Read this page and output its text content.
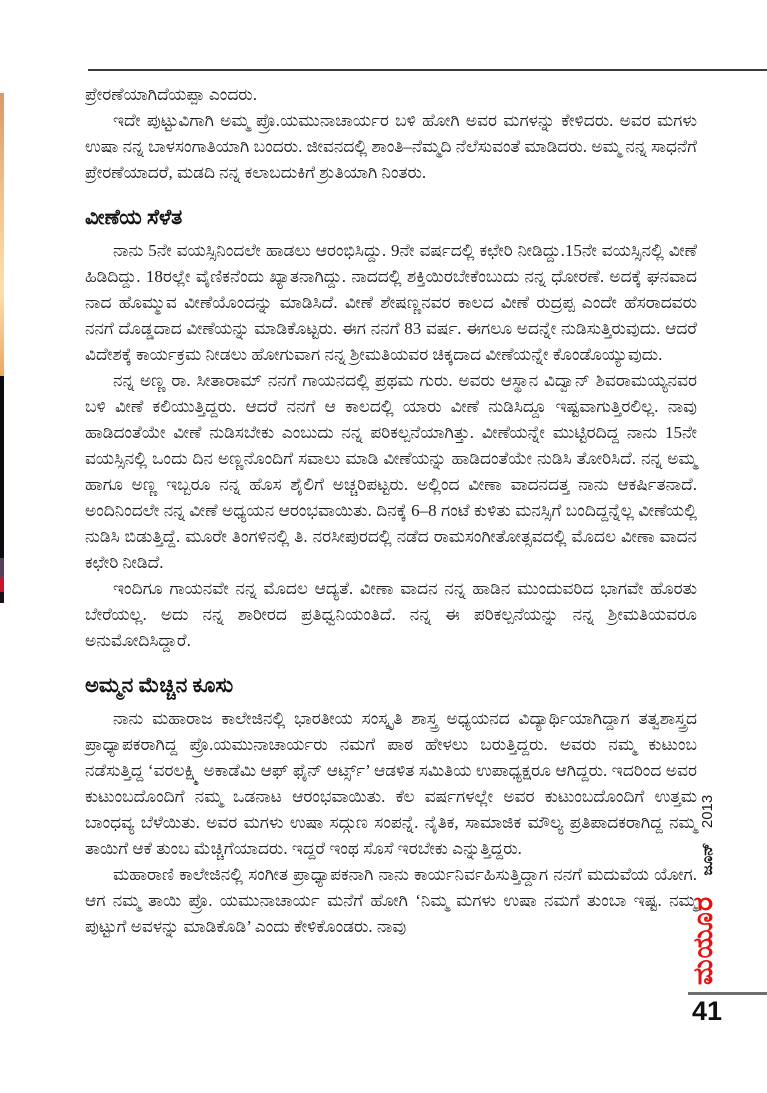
ಪ್ರೇರಣೆಯಾಗಿದೆಯಪ್ಪಾ ಎಂದರು.

ಇದೇ ಪುಟ್ಟುವಿಗಾಗಿ ಅಮ್ಮ ಪ್ರೊ.ಯಮುನಾಚಾರ್ಯರ ಬಳಿ ಹೋಗಿ ಅವರ ಮಗಳನ್ನು ಕೇಳಿದರು. ಅವರ ಮಗಳು ಉಷಾ ನನ್ನ ಬಾಳಸಂಗಾತಿಯಾಗಿ ಬಂದರು. ಜೀವನದಲ್ಲಿ ಶಾಂತಿ–ನೆಮ್ಮದಿ ನೆಲೆಸುವಂತೆ ಮಾಡಿದರು. ಅಮ್ಮ ನನ್ನ ಸಾಧನೆಗೆ ಪ್ರೇರಣೆಯಾದರೆ, ಮಡದಿ ನನ್ನ ಕಲಾಬದುಕಿಗೆ ಶ್ರುತಿಯಾಗಿ ನಿಂತರು.

ವೀಣೆಯ ಸೆಳೆತ

ನಾನು 5ನೇ ವಯಸ್ಸಿನಿಂದಲೇ ಹಾಡಲು ಆರಂಭಿಸಿದ್ದು. 9ನೇ ವರ್ಷದಲ್ಲಿ ಕಛೇರಿ ನೀಡಿದ್ದು.15ನೇ ವಯಸ್ಸಿನಲ್ಲಿ ವೀಣೆ ಹಿಡಿದಿದ್ದು. 18ರಲ್ಲೇ ವೈಣಿಕನೆಂದು ಖ್ಯಾತನಾಗಿದ್ದು. ನಾದದಲ್ಲಿ ಶಕ್ತಿಯಿರಬೇಕೆಂಬುದು ನನ್ನ ಧೋರಣೆ. ಅದಕ್ಕೆ ಘನವಾದ ನಾದ ಹೊಮ್ಮುವ ವೀಣೆಯೊಂದನ್ನು ಮಾಡಿಸಿದೆ. ವೀಣೆ ಶೇಷಣ್ಣನವರ ಕಾಲದ ವೀಣೆ ರುದ್ರಪ್ಪ ಎಂದೇ ಹೆಸರಾದವರು ನನಗೆ ದೊಡ್ಡದಾದ ವೀಣೆಯನ್ನು ಮಾಡಿಕೊಟ್ಟರು. ಈಗ ನನಗೆ 83 ವರ್ಷ. ಈಗಲೂ ಅದನ್ನೇ ನುಡಿಸುತ್ತಿರುವುದು. ಆದರೆ ವಿದೇಶಕ್ಕೆ ಕಾರ್ಯಕ್ರಮ ನೀಡಲು ಹೋಗುವಾಗ ನನ್ನ ಶ್ರೀಮತಿಯವರ ಚಿಕ್ಕದಾದ ವೀಣೆಯನ್ನೇ ಕೊಂಡೊಯ್ಯುವುದು.

ನನ್ನ ಅಣ್ಣ ರಾ. ಸೀತಾರಾಮ್ ನನಗೆ ಗಾಯನದಲ್ಲಿ ಪ್ರಥಮ ಗುರು. ಅವರು ಆಸ್ಥಾನ ವಿದ್ವಾನ್ ಶಿವರಾಮಯ್ಯನವರ ಬಳಿ ವೀಣೆ ಕಲಿಯುತ್ತಿದ್ದರು. ಆದರೆ ನನಗೆ ಆ ಕಾಲದಲ್ಲಿ ಯಾರು ವೀಣೆ ನುಡಿಸಿದ್ದೂ ಇಷ್ಟವಾಗುತ್ತಿರಲಿಲ್ಲ. ನಾವು ಹಾಡಿದಂತೆಯೇ ವೀಣೆ ನುಡಿಸಬೇಕು ಎಂಬುದು ನನ್ನ ಪರಿಕಲ್ಪನೆಯಾಗಿತ್ತು. ವೀಣೆಯನ್ನೇ ಮುಟ್ಟಿರದಿದ್ದ ನಾನು 15ನೇ ವಯಸ್ಸಿನಲ್ಲಿ ಒಂದು ದಿನ ಅಣ್ಣನೊಂದಿಗೆ ಸವಾಲು ಮಾಡಿ ವೀಣೆಯನ್ನು ಹಾಡಿದಂತೆಯೇ ನುಡಿಸಿ ತೋರಿಸಿದೆ. ನನ್ನ ಅಮ್ಮ ಹಾಗೂ ಅಣ್ಣ ಇಬ್ಬರೂ ನನ್ನ ಹೊಸ ಶೈಲಿಗೆ ಅಚ್ಚರಿಪಟ್ಟರು. ಅಲ್ಲಿಂದ ವೀಣಾ ವಾದನದತ್ತ ನಾನು ಆಕರ್ಷಿತನಾದೆ. ಅಂದಿನಿಂದಲೇ ನನ್ನ ವೀಣೆ ಅಧ್ಯಯನ ಆರಂಭವಾಯಿತು. ದಿನಕ್ಕೆ 6–8 ಗಂಟೆ ಕುಳಿತು ಮನಸ್ಸಿಗೆ ಬಂದಿದ್ದನ್ನೆಲ್ಲ ವೀಣೆಯಲ್ಲಿ ನುಡಿಸಿ ಬಿಡುತ್ತಿದ್ದೆ. ಮೂರೇ ತಿಂಗಳಿನಲ್ಲಿ ತಿ. ನರಸೀಪುರದಲ್ಲಿ ನಡೆದ ರಾಮಸಂಗೀತೋತ್ಸವದಲ್ಲಿ ಮೊದಲ ವೀಣಾ ವಾದನ ಕಛೇರಿ ನೀಡಿದೆ.

ಇಂದಿಗೂ ಗಾಯನವೇ ನನ್ನ ಮೊದಲ ಆದ್ಯತೆ. ವೀಣಾ ವಾದನ ನನ್ನ ಹಾಡಿನ ಮುಂದುವರಿದ ಭಾಗವೇ ಹೊರತು ಬೇರೆಯಲ್ಲ. ಅದು ನನ್ನ ಶಾರೀರದ ಪ್ರತಿಧ್ವನಿಯಂತಿದೆ. ನನ್ನ ಈ ಪರಿಕಲ್ಪನೆಯನ್ನು ನನ್ನ ಶ್ರೀಮತಿಯವರೂ ಅನುಮೋದಿಸಿದ್ದಾರೆ.

ಅಮ್ಮನ ಮೆಚ್ಚಿನ ಕೂಸು

ನಾನು ಮಹಾರಾಜ ಕಾಲೇಜಿನಲ್ಲಿ ಭಾರತೀಯ ಸಂಸ್ಕೃತಿ ಶಾಸ್ತ್ರ ಅಧ್ಯಯನದ ವಿದ್ಯಾರ್ಥಿಯಾಗಿದ್ದಾಗ ತತ್ವಶಾಸ್ತ್ರದ ಪ್ರಾಧ್ಯಾಪಕರಾಗಿದ್ದ ಪ್ರೊ.ಯಮುನಾಚಾರ್ಯರು ನಮಗೆ ಪಾಠ ಹೇಳಲು ಬರುತ್ತಿದ್ದರು. ಅವರು ನಮ್ಮ ಕುಟುಂಬ ನಡೆಸುತ್ತಿದ್ದ ‘ವರಲಕ್ಷ್ಮಿ ಅಕಾಡೆಮಿ ಆಫ್ ಫೈನ್ ಆರ್ಟ್ಸ್’ ಆಡಳಿತ ಸಮಿತಿಯ ಉಪಾಧ್ಯಕ್ಷರೂ ಆಗಿದ್ದರು. ಇದರಿಂದ ಅವರ ಕುಟುಂಬದೊಂದಿಗೆ ನಮ್ಮ ಒಡನಾಟ ಆರಂಭವಾಯಿತು. ಕೆಲ ವರ್ಷಗಳಲ್ಲೇ ಅವರ ಕುಟುಂಬದೊಂದಿಗೆ ಉತ್ತಮ ಬಾಂಧವ್ಯ ಬೆಳೆಯಿತು. ಅವರ ಮಗಳು ಉಷಾ ಸದ್ಗುಣ ಸಂಪನ್ನೆ. ನೈತಿಕ, ಸಾಮಾಜಿಕ ಮೌಲ್ಯ ಪ್ರತಿಪಾದಕರಾಗಿದ್ದ ನಮ್ಮ ತಾಯಿಗೆ ಆಕೆ ತುಂಬ ಮೆಚ್ಚಿಗೆಯಾದರು. ಇದ್ದರೆ ಇಂಥ ಸೊಸೆ ಇರಬೇಕು ಎನ್ನುತ್ತಿದ್ದರು.

ಮಹಾರಾಣಿ ಕಾಲೇಜಿನಲ್ಲಿ ಸಂಗೀತ ಪ್ರಾಧ್ಯಾಪಕನಾಗಿ ನಾನು ಕಾರ್ಯನಿರ್ವಹಿಸುತ್ತಿದ್ದಾಗ ನನಗೆ ಮದುವೆಯ ಯೋಗ. ಆಗ ನಮ್ಮ ತಾಯಿ ಪ್ರೊ. ಯಮುನಾಚಾರ್ಯ ಮನೆಗೆ ಹೋಗಿ ‘ನಿಮ್ಮ ಮಗಳು ಉಷಾ ನಮಗೆ ತುಂಬಾ ಇಷ್ಟ. ನಮ್ಮ ಪುಟ್ಟುಗೆ ಅವಳನ್ನು ಮಾಡಿಕೊಡಿ’ ಎಂದು ಕೇಳಿಕೊಂಡರು. ನಾವು	ಮಯೂರ ಜೂನ್ 2013
41
